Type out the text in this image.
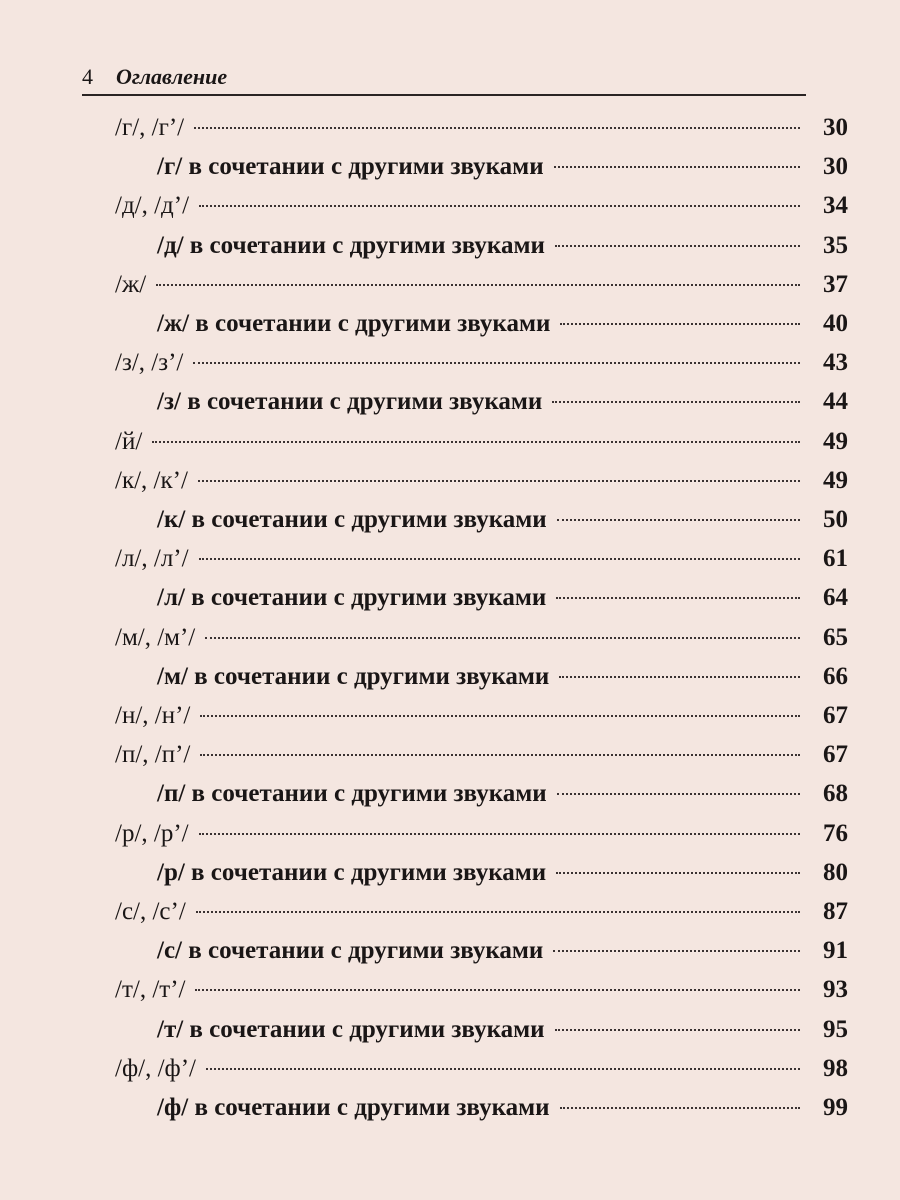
4 Оглавление
/г/, /г’/	30
/г/ в сочетании с другими звуками	30
/д/, /д’/	34
/д/ в сочетании с другими звуками	35
/ж/	37
/ж/ в сочетании с другими звуками	40
/з/, /з’/	43
/з/ в сочетании с другими звуками	44
/й/	49
/к/, /к’/	49
/к/ в сочетании с другими звуками	50
/л/, /л’/	61
/л/ в сочетании с другими звуками	64
/м/, /м’/	65
/м/ в сочетании с другими звуками	66
/н/, /н’/	67
/п/, /п’/	67
/п/ в сочетании с другими звуками	68
/р/, /р’/	76
/р/ в сочетании с другими звуками	80
/с/, /с’/	87
/с/ в сочетании с другими звуками	91
/т/, /т’/	93
/т/ в сочетании с другими звуками	95
/ф/, /ф’/	98
/ф/ в сочетании с другими звуками	99
